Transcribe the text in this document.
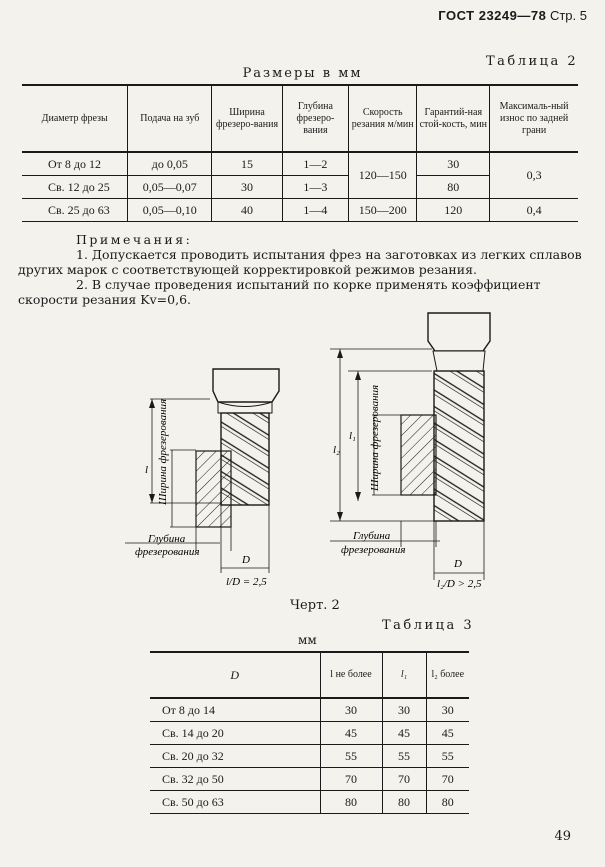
ГОСТ 23249—78 Стр. 5
Таблица 2
Размеры в мм
Диаметр фрезы	Подача на зуб	Ширина фрезеро-вания	Глубина фрезеро-вания	Скорость резания м/мин	Гарантий-ная стой-кость, мин	Максималь-ный износ по задней грани
От 8 до 12	до 0,05	15	1—2	120—150	30	0,3
Св. 12 до 25	0,05—0,07	30	1—3		80	
Св. 25 до 63	0,05—0,10	40	1—4	150—200	120	0,4
Примечания:

1. Допускается проводить испытания фрез на заготовках из легких сплавов других марок с соответствующей корректировкой режимов резания.

2. В случае проведения испытаний по корке применять коэффициент скорости резания Kv=0,6.

l Ширина фрезерования
Глубина
фрезерования
D
l/D = 2,5
l₂
l₁ Ширина фрезерования
Глубина
фрезерования
D
l₂/D > 2,5
Черт. 2
Таблица 3
мм
D	l не более	l₁	l₂ более
От 8 до 14	30	30	30
Св. 14 до 20	45	45	45
Св. 20 до 32	55	55	55
Св. 32 до 50	70	70	70
Св. 50 до 63	80	80	80
49
